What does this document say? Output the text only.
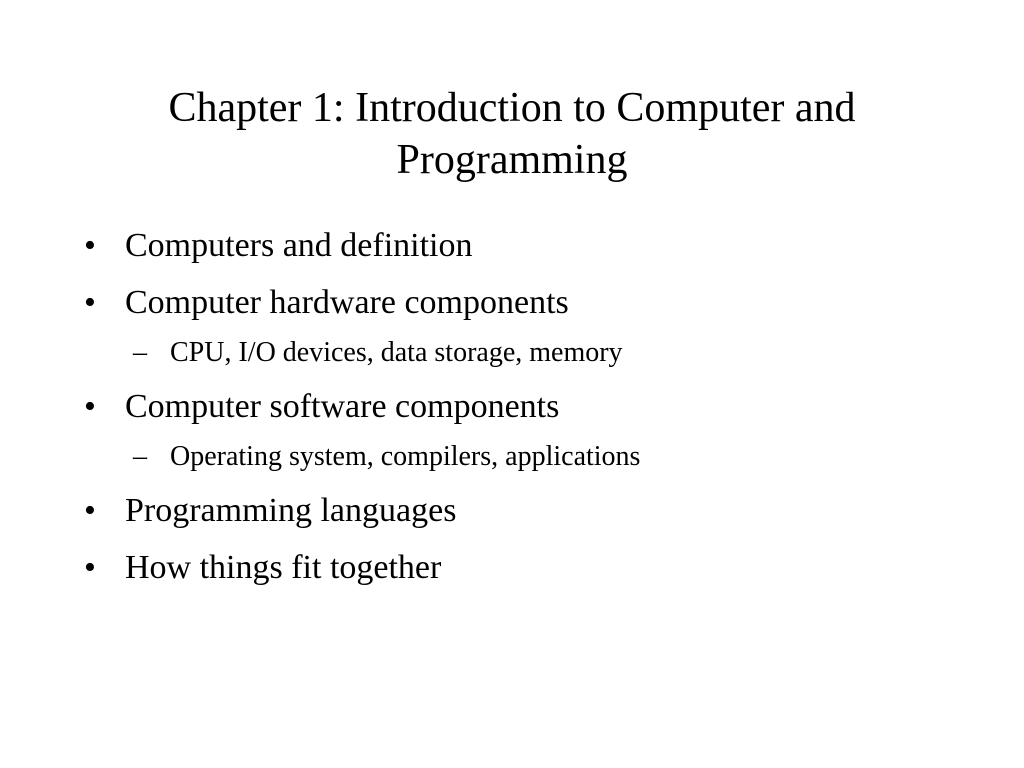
Chapter 1: Introduction to Computer and
Programming
• Computers and definition
• Computer hardware components
– CPU, I/O devices, data storage, memory
• Computer software components
– Operating system, compilers, applications
• Programming languages
• How things fit together
